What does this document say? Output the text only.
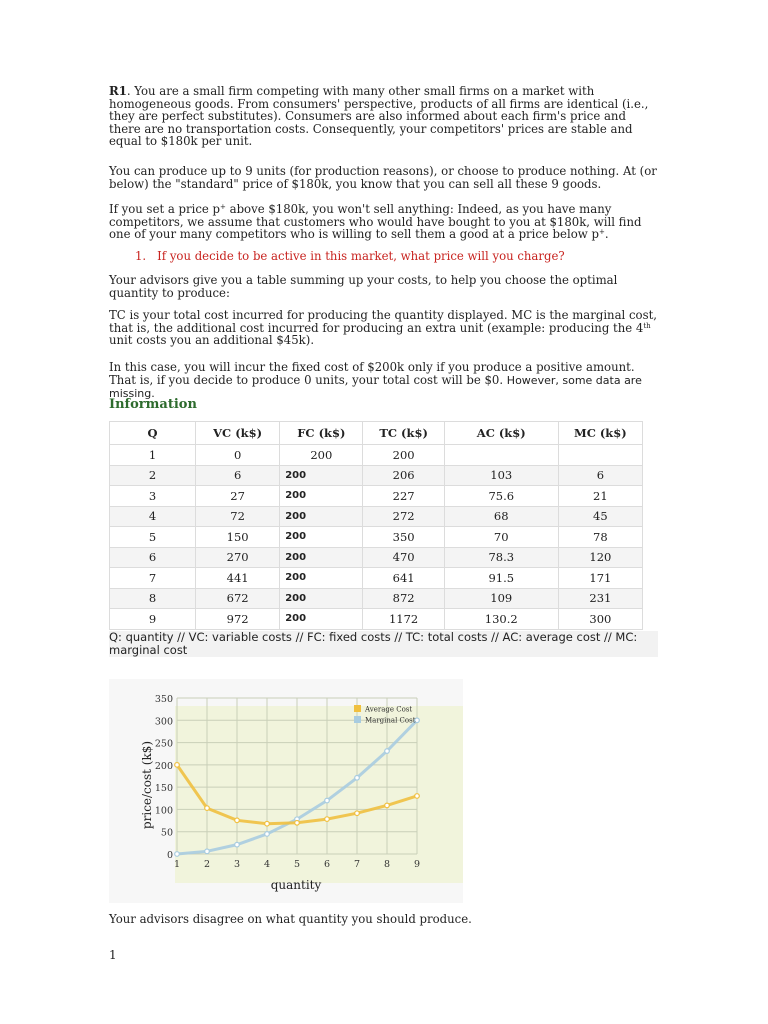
R1. You are a small firm competing with many other small firms on a market with homogeneous goods. From consumers' perspective, products of all firms are identical (i.e., they are perfect substitutes). Consumers are also informed about each firm's price and there are no transportation costs. Consequently, your competitors' prices are stable and equal to $180k per unit.

You can produce up to 9 units (for production reasons), or choose to produce nothing. At (or below) the "standard" price of $180k, you know that you can sell all these 9 goods.

If you set a price p+ above $180k, you won't sell anything: Indeed, as you have many competitors, we assume that customers who would have bought to you at $180k, will find one of your many competitors who is willing to sell them a good at a price below p+.

1. If you decide to be active in this market, what price will you charge?

Your advisors give you a table summing up your costs, to help you choose the optimal quantity to produce:

TC is your total cost incurred for producing the quantity displayed. MC is the marginal cost, that is, the additional cost incurred for producing an extra unit (example: producing the 4th unit costs you an additional $45k).

In this case, you will incur the fixed cost of $200k only if you produce a positive amount. That is, if you decide to produce 0 units, your total cost will be $0. However, some data are missing.

Information
Q	VC (k$)	FC (k$)	TC (k$)	AC (k$)	MC (k$)
1	0	200	200		
2	6	200	206	103	6
3	27	200	227	75.6	21
4	72	200	272	68	45
5	150	200	350	70	78
6	270	200	470	78.3	120
7	441	200	641	91.5	171
8	672	200	872	109	231
9	972	200	1172	130.2	300
Q: quantity // VC: variable costs // FC: fixed costs // TC: total costs // AC: average cost // MC: marginal cost
0
50
100
150
200
250
300
350
1	2	3	4	5	6	7	8	9
Average Cost
Marginal Cost
price/cost (k$)
quantity
Your advisors disagree on what quantity you should produce.
1
